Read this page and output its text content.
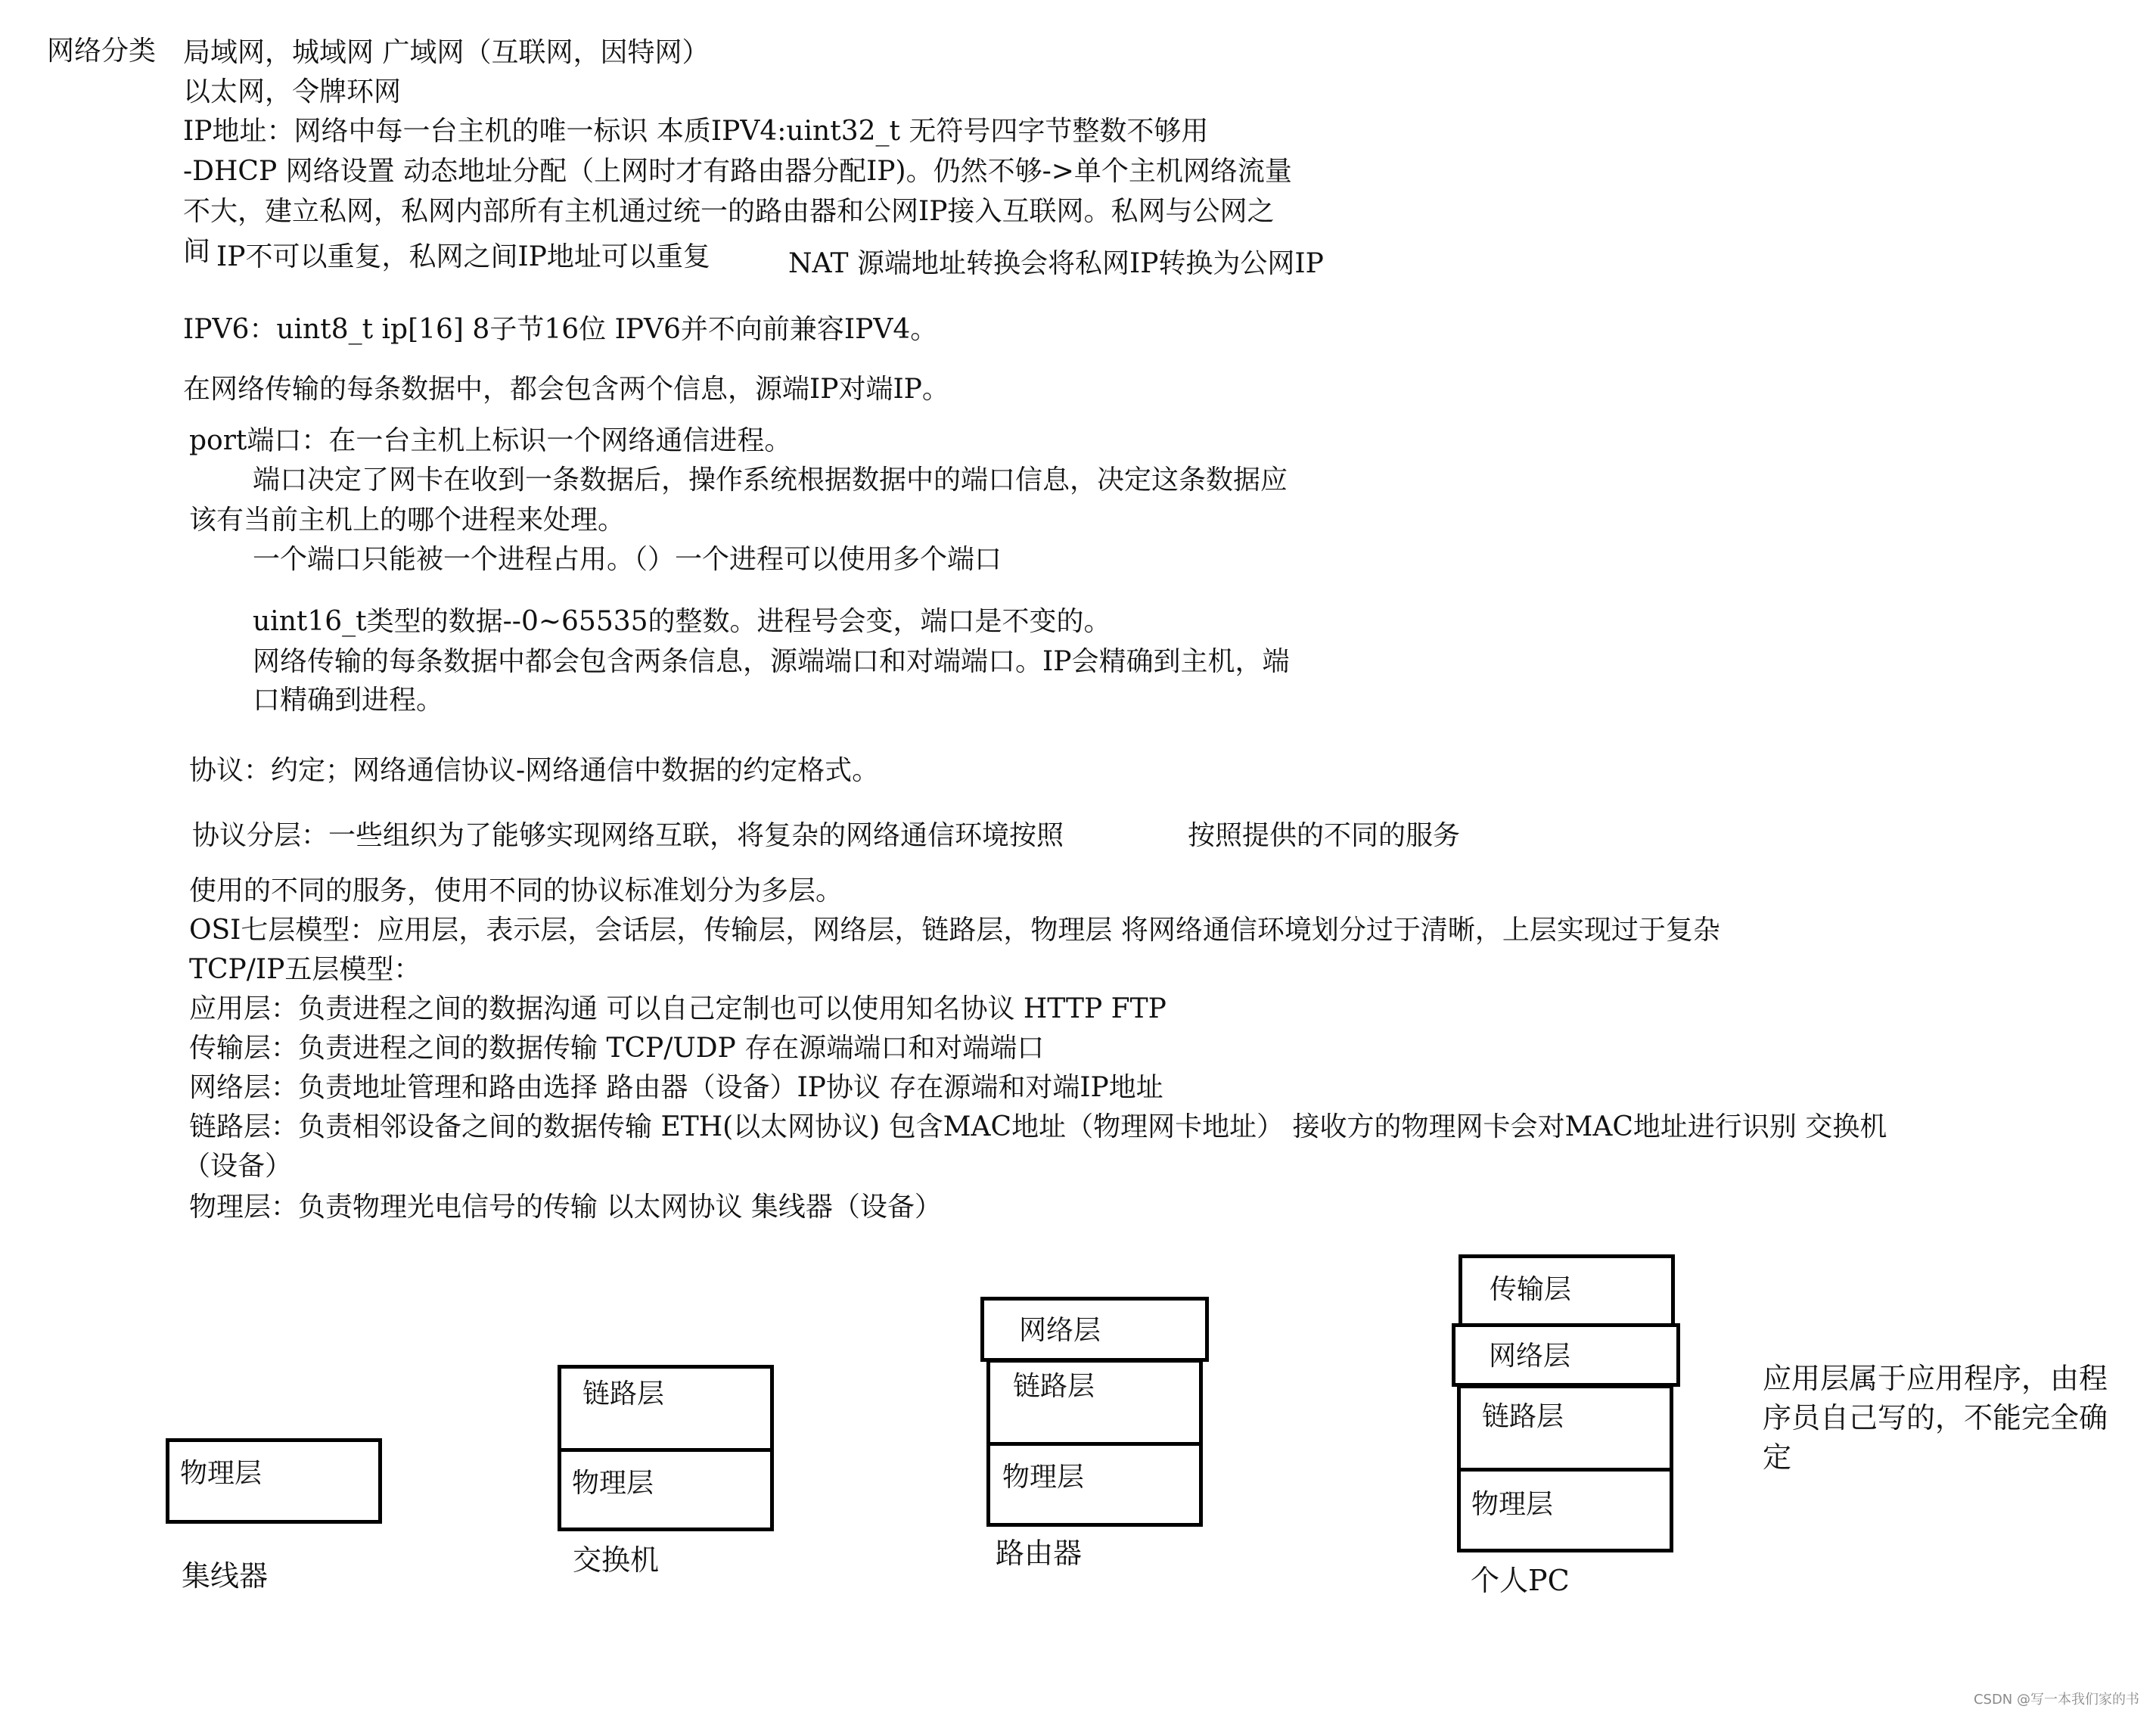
网络分类 局域网，城域网 广域网（互联网，因特网）
以太网，令牌环网
IP地址：网络中每一台主机的唯一标识 本质IPV4:uint32_t 无符号四字节整数不够用
-DHCP 网络设置 动态地址分配（上网时才有路由器分配IP)。仍然不够->单个主机网络流量
不大，建立私网，私网内部所有主机通过统一的路由器和公网IP接入互联网。私网与公网之
间 IP不可以重复，私网之间IP地址可以重复	NAT 源端地址转换会将私网IP转换为公网IP
IPV6：uint8_t ip[16] 8子节16位 IPV6并不向前兼容IPV4。
在网络传输的每条数据中，都会包含两个信息，源端IP对端IP。
port端口：在一台主机上标识一个网络通信进程。
端口决定了网卡在收到一条数据后，操作系统根据数据中的端口信息，决定这条数据应
该有当前主机上的哪个进程来处理。
一个端口只能被一个进程占用。（）一个进程可以使用多个端口
uint16_t类型的数据--0~65535的整数。进程号会变，端口是不变的。
网络传输的每条数据中都会包含两条信息，源端端口和对端端口。IP会精确到主机，端
口精确到进程。
协议：约定；网络通信协议-网络通信中数据的约定格式。
协议分层：一些组织为了能够实现网络互联，将复杂的网络通信环境按照	按照提供的不同的服务
使用的不同的服务，使用不同的协议标准划分为多层。
OSI七层模型：应用层，表示层，会话层，传输层，网络层，链路层，物理层 将网络通信环境划分过于清晰，上层实现过于复杂
TCP/IP五层模型：
应用层：负责进程之间的数据沟通 可以自己定制也可以使用知名协议 HTTP FTP
传输层：负责进程之间的数据传输 TCP/UDP 存在源端端口和对端端口
网络层：负责地址管理和路由选择 路由器（设备）IP协议 存在源端和对端IP地址
链路层：负责相邻设备之间的数据传输 ETH(以太网协议) 包含MAC地址（物理网卡地址） 接收方的物理网卡会对MAC地址进行识别 交换机
（设备）
物理层：负责物理光电信号的传输 以太网协议 集线器（设备）
物理层
集线器
链路层
物理层
交换机
网络层
链路层
物理层
路由器
传输层
网络层
链路层
物理层
个人PC
应用层属于应用程序，由程
序员自己写的，不能完全确
定
CSDN @写一本我们家的书
